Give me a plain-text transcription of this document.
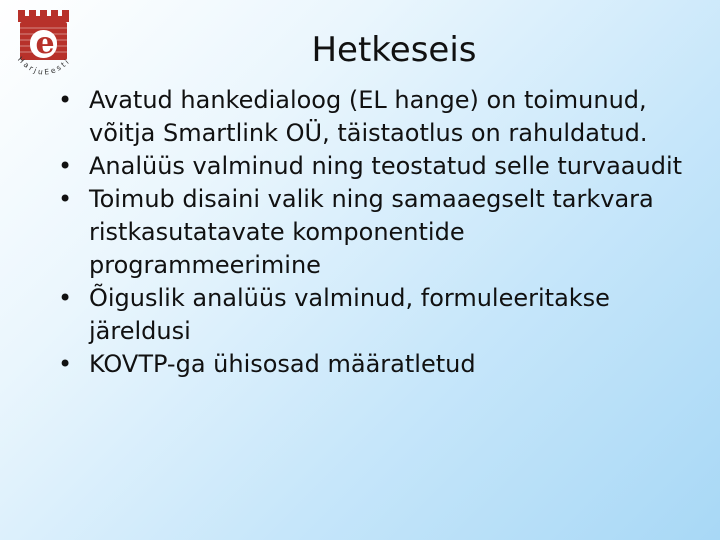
H a r j u E e s t i
e	Hetkeseis
• Avatud hankedialoog (EL hange) on toimunud, võitja Smartlink OÜ, täistaotlus on rahuldatud.
• Analüüs valminud ning teostatud selle turvaaudit
• Toimub disaini valik ning samaaegselt tarkvara ristkasutatavate komponentide programmeerimine
• Õiguslik analüüs valminud, formuleeritakse järeldusi
• KOVTP-ga ühisosad määratletud
